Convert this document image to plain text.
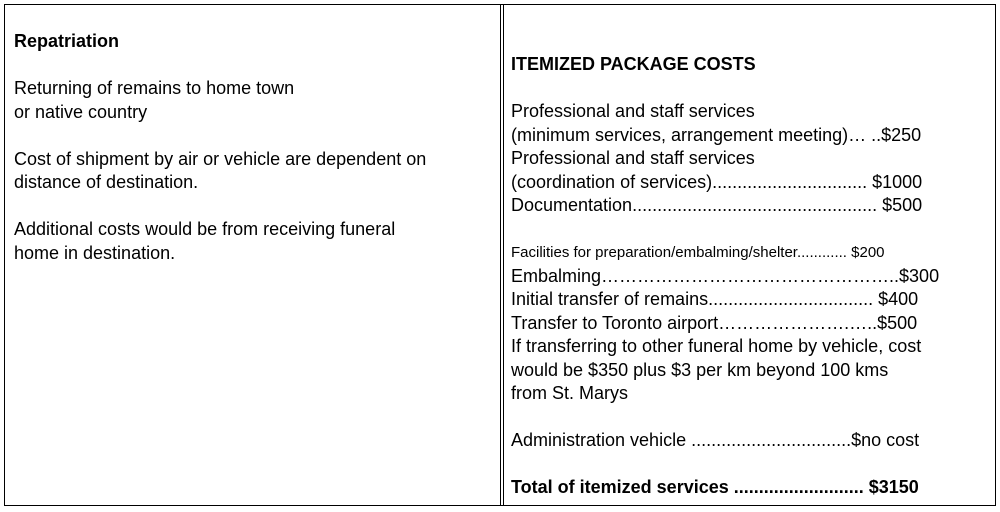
Repatriation
Returning of remains to home town
or native country
Cost of shipment by air or vehicle are dependent on
distance of destination.
Additional costs would be from receiving funeral
home in destination.
ITEMIZED PACKAGE COSTS
Professional and staff services
(minimum services, arrangement meeting)… ..$250
Professional and staff services
(coordination of services)............................... $1000
Documentation................................................. $500
Facilities for preparation/embalming/shelter............ $200
Embalming…………………………………………..$300
Initial transfer of remains................................. $400
Transfer to Toronto airport………………….…..$500
If transferring to other funeral home by vehicle, cost
would be $350 plus $3 per km beyond 100 kms
from St. Marys
Administration vehicle ................................$no cost
Total of itemized services .......................... $3150
